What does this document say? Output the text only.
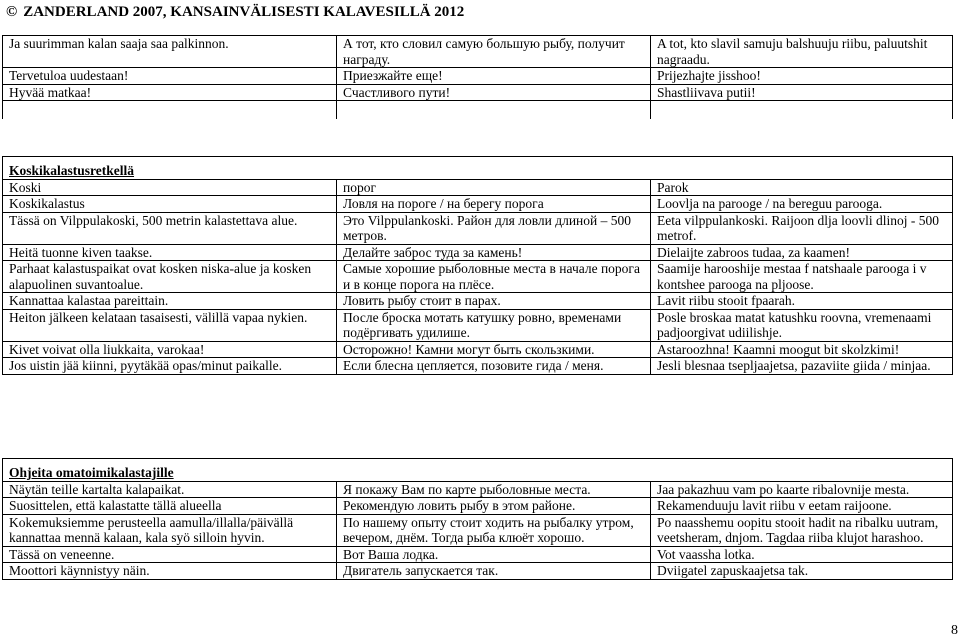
© ZANDERLAND 2007, KANSAINVÄLISESTI KALAVESILLÄ 2012
Ja suurimman kalan saaja saa palkinnon.	А тот, кто словил самую большую рыбу, получит награду.	A tot, kto slavil samuju balshuuju riibu, paluutshit nagraadu.
Tervetuloa uudestaan!	Приезжайте еще!	Prijezhajte jisshoo!
Hyvää matkaa!	Счастливого пути!	Shastliivava putii!

Koskikalastusretkellä		
Koski	порог	Parok
Koskikalastus	Ловля на пороге / на берегу порога	Loovlja na parooge / na bereguu parooga.
Tässä on Vilppulakoski, 500 metrin kalastettava alue.	Это Vilppulankoski. Район для ловли длиной – 500 метров.	Eeta vilppulankoski. Raijoon dlja loovli dlinoj - 500 metrof.
Heitä tuonne kiven taakse.	Делайте заброс туда за камень!	Dielaijte zabroos tudaa, za kaamen!
Parhaat kalastuspaikat ovat kosken niska-alue ja kosken alapuolinen suvantoalue.	Самые хорошие рыболовные места в начале порога и в конце порога на плёсе.	Saamije harooshije mestaa f natshaale parooga i v kontshee parooga na pljoose.
Kannattaa kalastaa pareittain.	Ловить рыбу стоит в парах.	Lavit riibu stooit fpaarah.
Heiton jälkeen kelataan tasaisesti, välillä vapaa nykien.	После броска мотать катушку ровно, временами подёргивать удилише.	Posle broskaa matat katushku roovna, vremenaami padjoorgivat udiilishje.
Kivet voivat olla liukkaita, varokaa!	Осторожно! Камни могут быть скользкими.	Astaroozhna! Kaamni moogut bit skolzkimi!
Jos uistin jää kiinni, pyytäkää opas/minut paikalle.	Если блесна цепляется, позовите гида / меня.	Jesli blesnaa tsepljaajetsa, pazaviite giida / minjaa.
Ohjeita omatoimikalastajille		
Näytän teille kartalta kalapaikat.	Я покажу Вам по карте рыболовные места.	Jaa pakazhuu vam po kaarte ribalovnije mesta.
Suosittelen, että kalastatte tällä alueella	Рекомендую ловить рыбу в этом районе.	Rekamenduuju lavit riibu v eetam raijoone.
Kokemuksiemme perusteella aamulla/illalla/päivällä kannattaa mennä kalaan, kala syö silloin hyvin.	По нашему опыту стоит ходить на рыбалку утром, вечером, днём. Тогда рыба клюёт хорошо.	Po naasshemu oopitu stooit hadit na ribalku uutram, veetsheram, dnjom. Tagdaa riiba klujot harashoo.
Tässä on veneenne.	Вот Ваша лодка.	Vot vaassha lotka.
Moottori käynnistyy näin.	Двигатель запускается так.	Dviigatel zapuskaajetsa tak.
8
